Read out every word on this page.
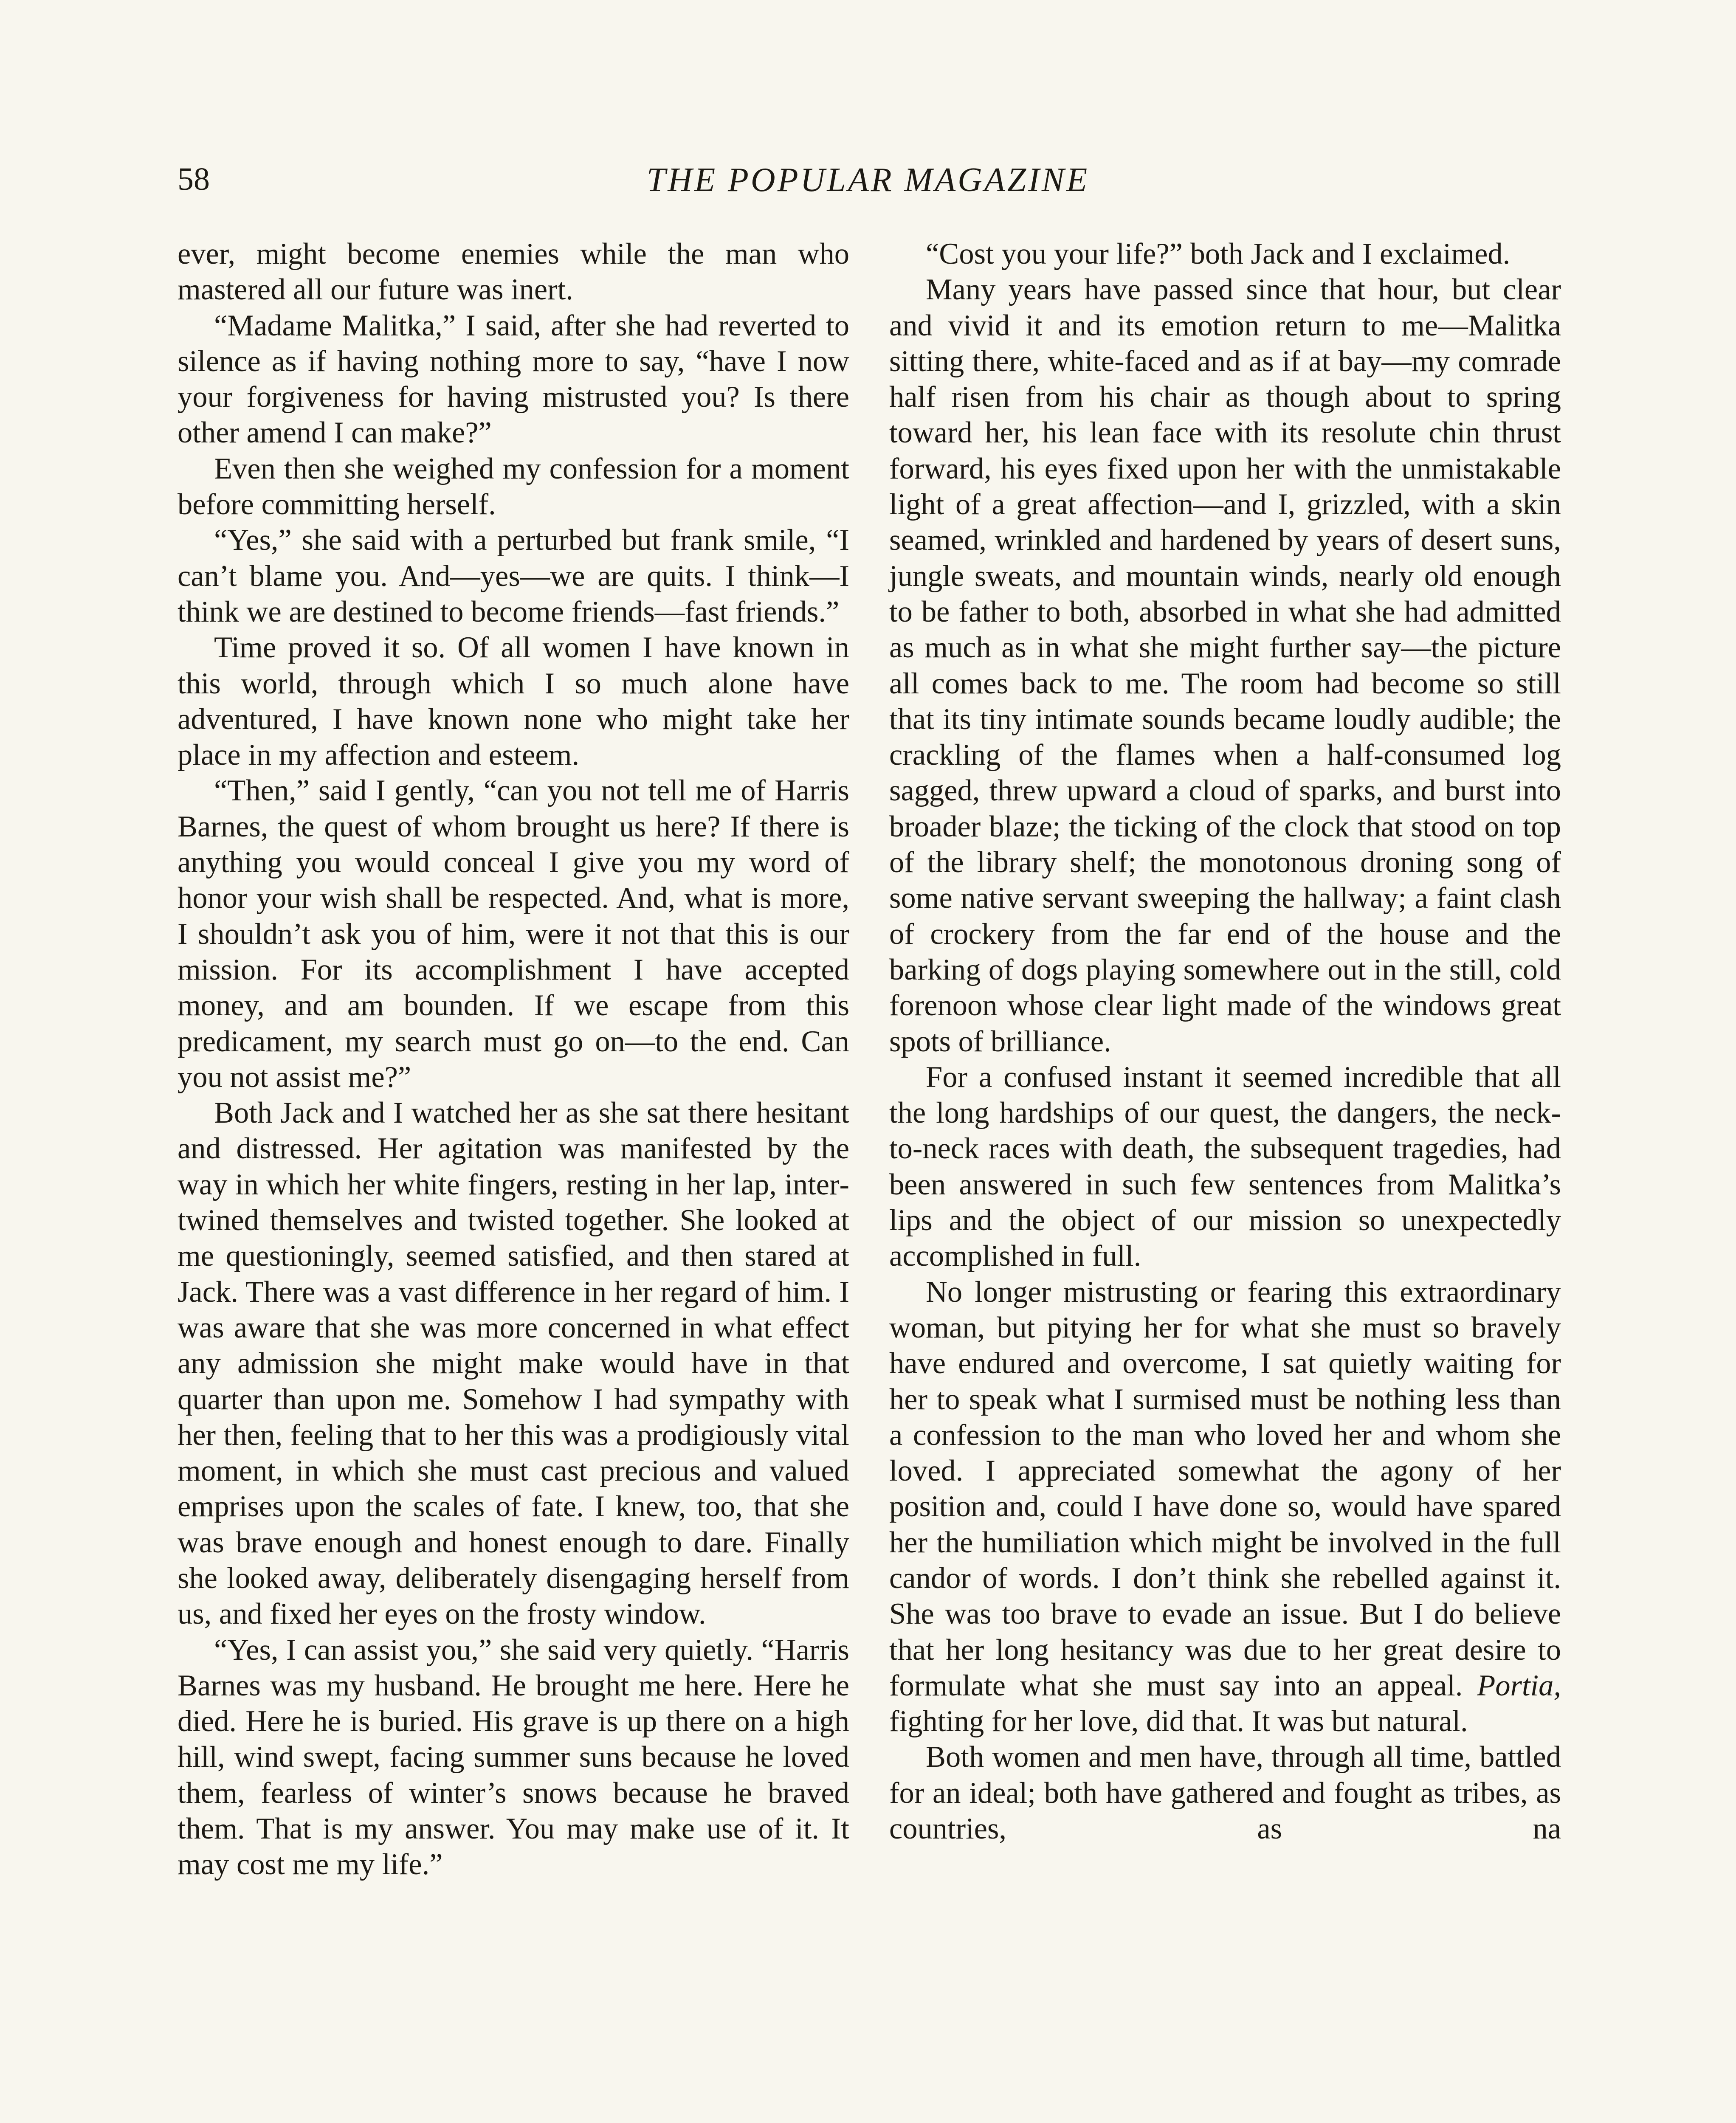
58	THE POPULAR MAGAZINE

ever, might become enemies while the man who mastered all our future was inert.

“Madame Malitka,” I said, after she had reverted to silence as if having nothing more to say, “have I now your forgiveness for having mistrusted you? Is there other amend I can make?”

Even then she weighed my confession for a moment before committing herself.

“Yes,” she said with a perturbed but frank smile, “I can’t blame you. And—yes—we are quits. I think—I think we are destined to become friends—fast friends.”

Time proved it so. Of all women I have known in this world, through which I so much alone have adventured, I have known none who might take her place in my affection and esteem.

“Then,” said I gently, “can you not tell me of Harris Barnes, the quest of whom brought us here? If there is anything you would conceal I give you my word of honor your wish shall be respected. And, what is more, I shouldn’t ask you of him, were it not that this is our mission. For its accomplishment I have accepted money, and am bounden. If we escape from this predicament, my search must go on—to the end. Can you not assist me?”

Both Jack and I watched her as she sat there hesitant and distressed. Her agitation was manifested by the way in which her white fingers, resting in her lap, intertwined themselves and twisted together. She looked at me questioningly, seemed satisfied, and then stared at Jack. There was a vast difference in her regard of him. I was aware that she was more concerned in what effect any admission she might make would have in that quarter than upon me. Somehow I had sympathy with her then, feeling that to her this was a prodigiously vital moment, in which she must cast precious and valued emprises upon the scales of fate. I knew, too, that she was brave enough and honest enough to dare. Finally she looked away, deliberately disengaging herself from us, and fixed her eyes on the frosty window.

“Yes, I can assist you,” she said very quietly. “Harris Barnes was my husband. He brought me here. Here he died. Here he is buried. His grave is up there on a high hill, wind swept, facing summer suns because he loved them, fearless of winter’s snows because he braved them. That is my answer. You may make use of it. It may cost me my life.”

“Cost you your life?” both Jack and I exclaimed.

Many years have passed since that hour, but clear and vivid it and its emotion return to me—Malitka sitting there, white-faced and as if at bay—my comrade half risen from his chair as though about to spring toward her, his lean face with its resolute chin thrust forward, his eyes fixed upon her with the unmistakable light of a great affection—and I, grizzled, with a skin seamed, wrinkled and hardened by years of desert suns, jungle sweats, and mountain winds, nearly old enough to be father to both, absorbed in what she had admitted as much as in what she might further say—the picture all comes back to me. The room had become so still that its tiny intimate sounds became loudly audible; the crackling of the flames when a half-consumed log sagged, threw upward a cloud of sparks, and burst into broader blaze; the ticking of the clock that stood on top of the library shelf; the monotonous droning song of some native servant sweeping the hallway; a faint clash of crockery from the far end of the house and the barking of dogs playing somewhere out in the still, cold forenoon whose clear light made of the windows great spots of brilliance.

For a confused instant it seemed incredible that all the long hardships of our quest, the dangers, the neck-to-neck races with death, the subsequent tragedies, had been answered in such few sentences from Malitka’s lips and the object of our mission so unexpectedly accomplished in full.

No longer mistrusting or fearing this extraordinary woman, but pitying her for what she must so bravely have endured and overcome, I sat quietly waiting for her to speak what I surmised must be nothing less than a confession to the man who loved her and whom she loved. I appreciated somewhat the agony of her position and, could I have done so, would have spared her the humiliation which might be involved in the full candor of words. I don’t think she rebelled against it. She was too brave to evade an issue. But I do believe that her long hesitancy was due to her great desire to formulate what she must say into an appeal. Portia, fighting for her love, did that. It was but natural.

Both women and men have, through all time, battled for an ideal; both have gathered and fought as tribes, as countries, as na
